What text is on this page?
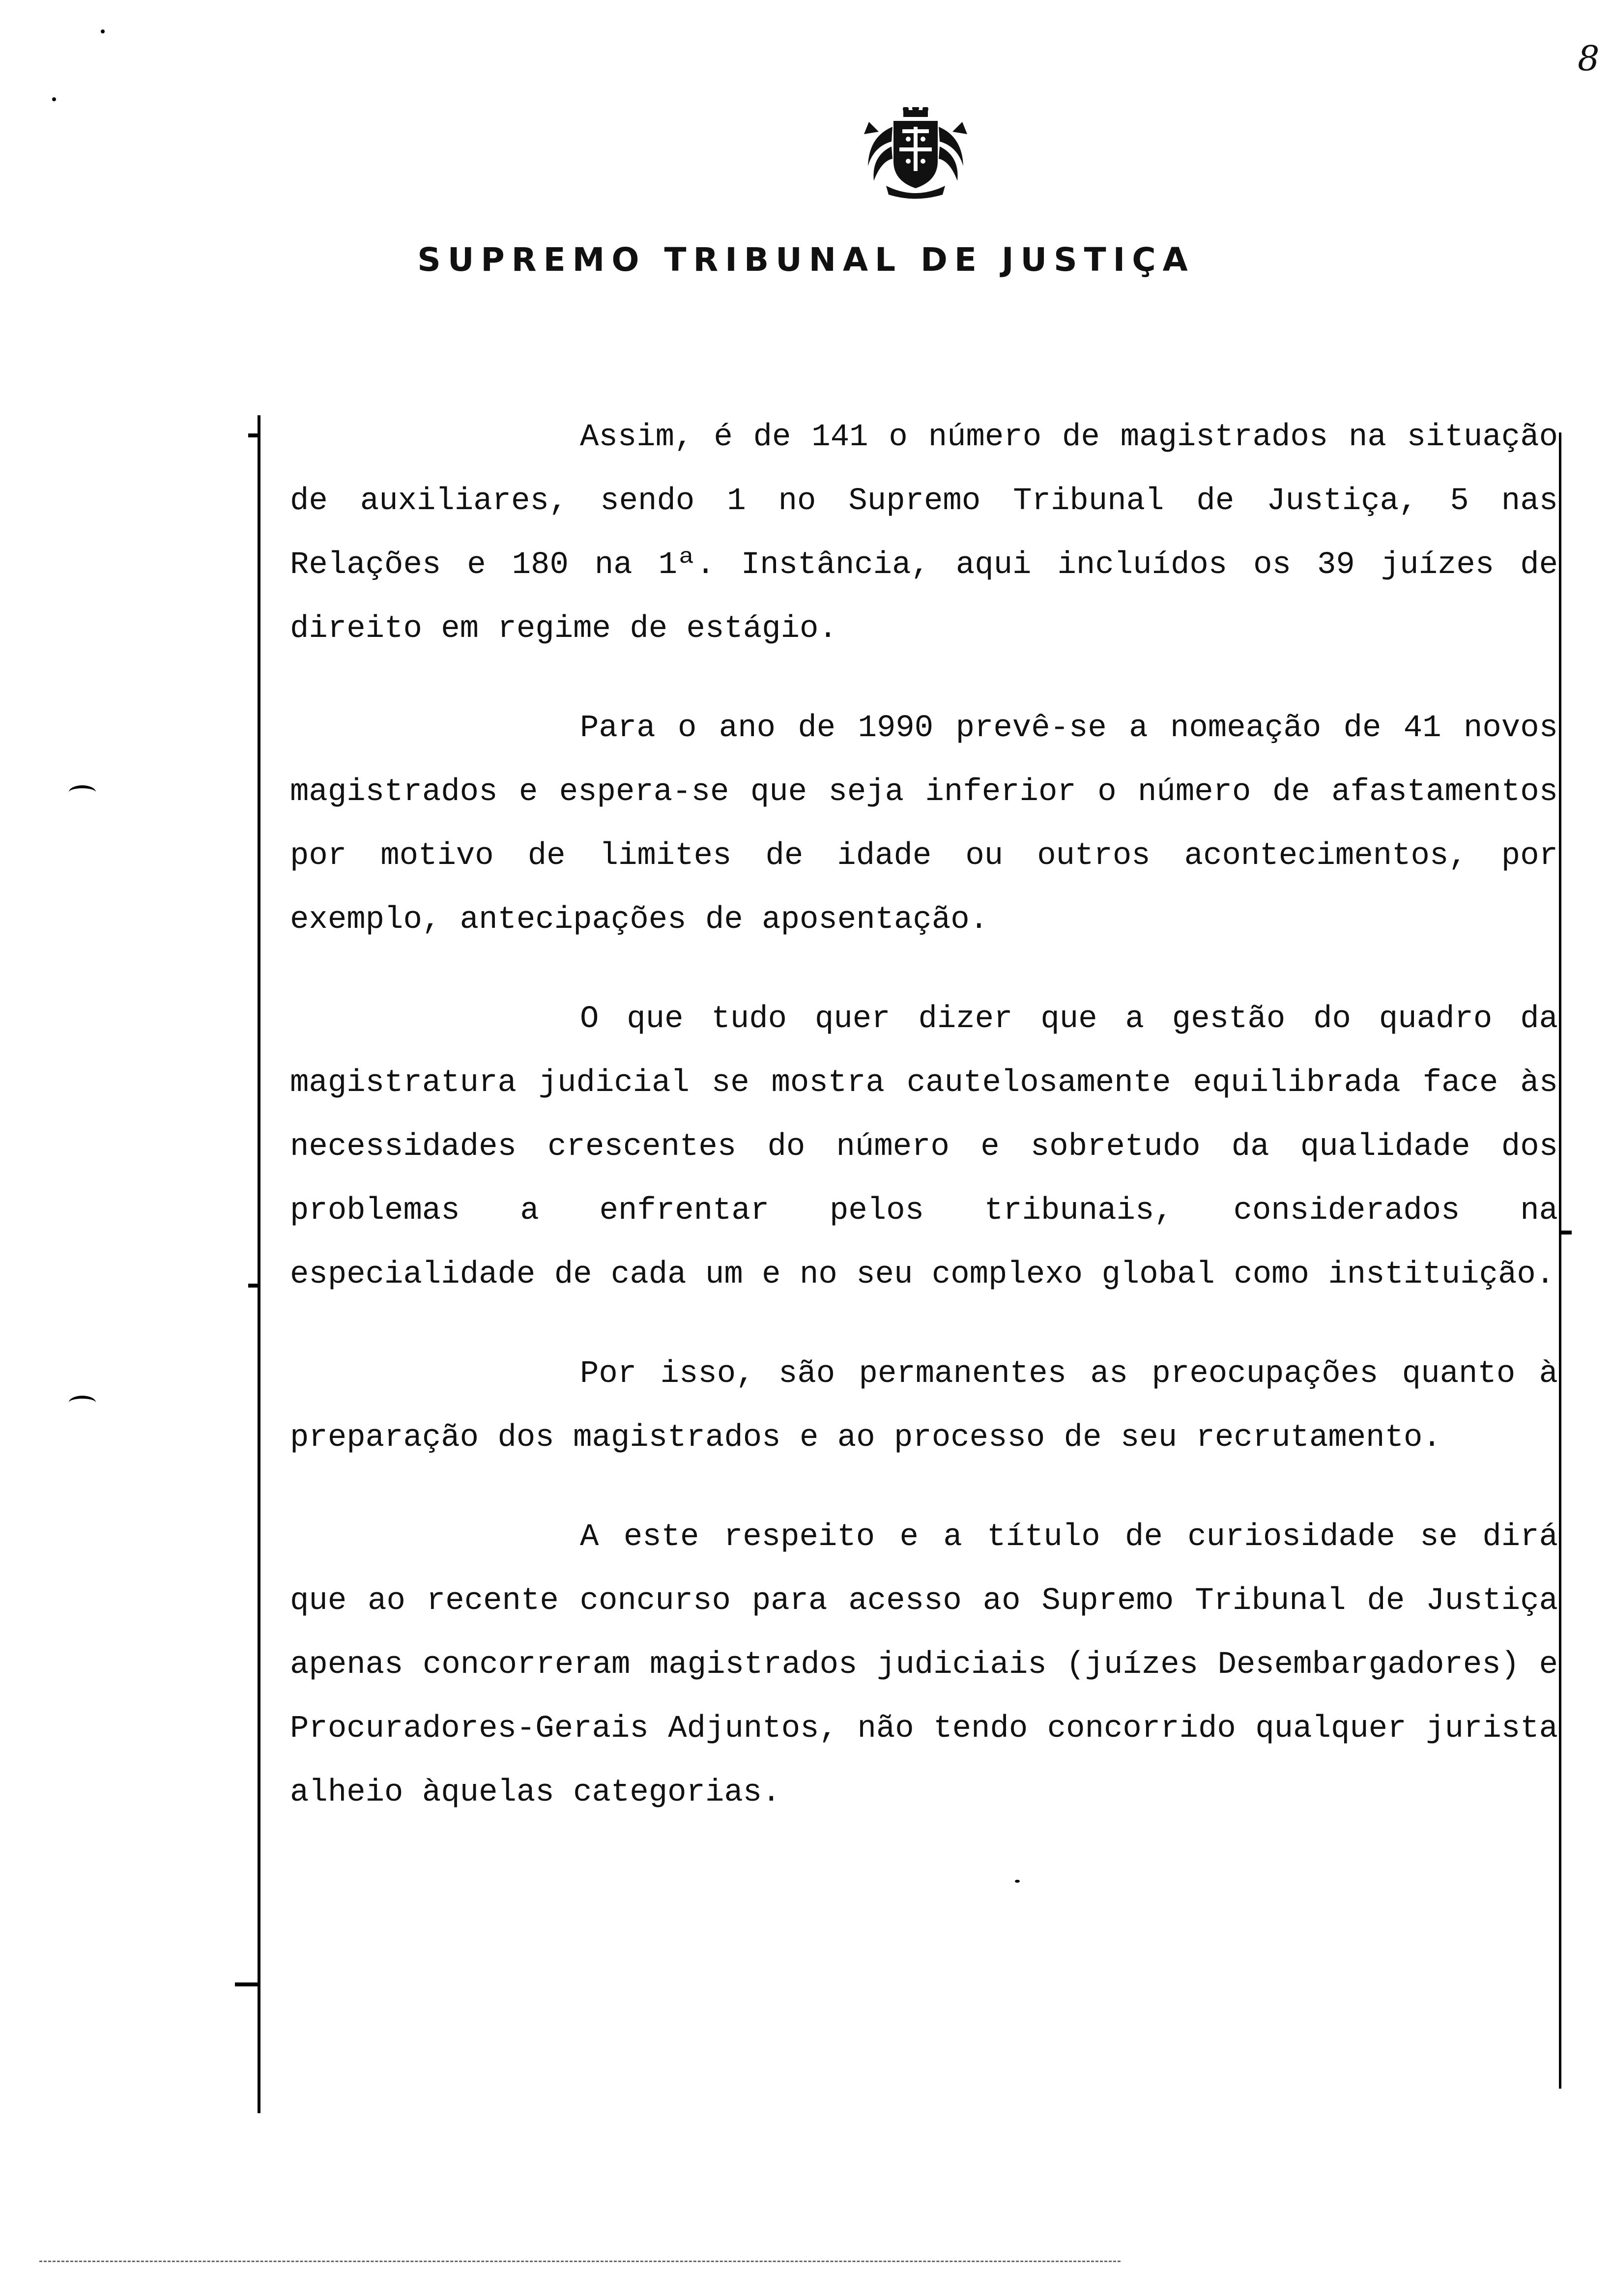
8
SUPREMO TRIBUNAL DE JUSTIÇA

Assim, é de 141 o número de magistrados na situação de auxiliares, sendo 1 no Supremo Tribunal de Justiça, 5 nas Relações e 180 na 1ª. Instância, aqui incluídos os 39 juízes de direito em regime de estágio.

Para o ano de 1990 prevê-se a nomeação de 41 novos magistrados e espera-se que seja inferior o número de afastamentos por motivo de limites de idade ou outros acontecimentos, por exemplo, antecipações de aposentação.

O que tudo quer dizer que a gestão do quadro da magistratura judicial se mostra cautelosamente equilibrada face às necessidades crescentes do número e sobretudo da qualidade dos problemas a enfrentar pelos tribunais, considerados na especialidade de cada um e no seu complexo global como instituição.

Por isso, são permanentes as preocupações quanto à preparação dos magistrados e ao processo de seu recrutamento.

A este respeito e a título de curiosidade se dirá que ao recente concurso para acesso ao Supremo Tribunal de Justiça apenas concorreram magistrados judiciais (juízes Desembargadores) e Procuradores-Gerais Adjuntos, não tendo concorrido qualquer jurista alheio àquelas categorias.
